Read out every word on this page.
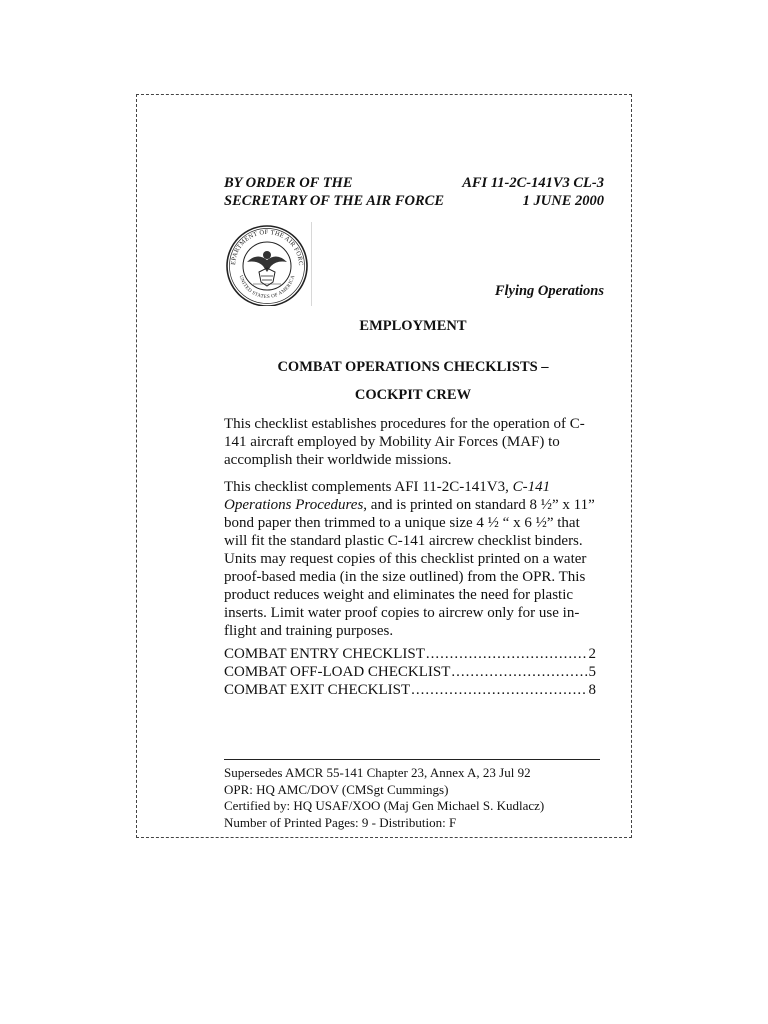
BY ORDER OF THE
SECRETARY OF THE AIR FORCE
AFI 11-2C-141V3 CL-3
1 JUNE 2000
EPARTMENT OF THE AIR FORC
UNITED STATES OF AMERICA
Flying Operations
EMPLOYMENT
COMBAT OPERATIONS CHECKLISTS –
COCKPIT CREW

This checklist establishes procedures for the operation of C-141 aircraft employed by Mobility Air Forces (MAF) to accomplish their worldwide missions.

This checklist complements AFI 11-2C-141V3, C-141 Operations Procedures, and is printed on standard 8 ½” x 11” bond paper then trimmed to a unique size 4 ½ “ x 6 ½” that will fit the standard plastic C-141 aircrew checklist binders. Units may request copies of this checklist printed on a water proof-based media (in the size outlined) from the OPR. This product reduces weight and eliminates the need for plastic inserts. Limit water proof copies to aircrew only for use in-flight and training purposes.

COMBAT ENTRY CHECKLIST .....	2
COMBAT OFF-LOAD CHECKLIST .....	5
COMBAT EXIT CHECKLIST .....	8
Supersedes AMCR 55-141 Chapter 23, Annex A, 23 Jul 92
OPR: HQ AMC/DOV (CMSgt Cummings)
Certified by: HQ USAF/XOO (Maj Gen Michael S. Kudlacz)
Number of Printed Pages: 9 - Distribution: F
